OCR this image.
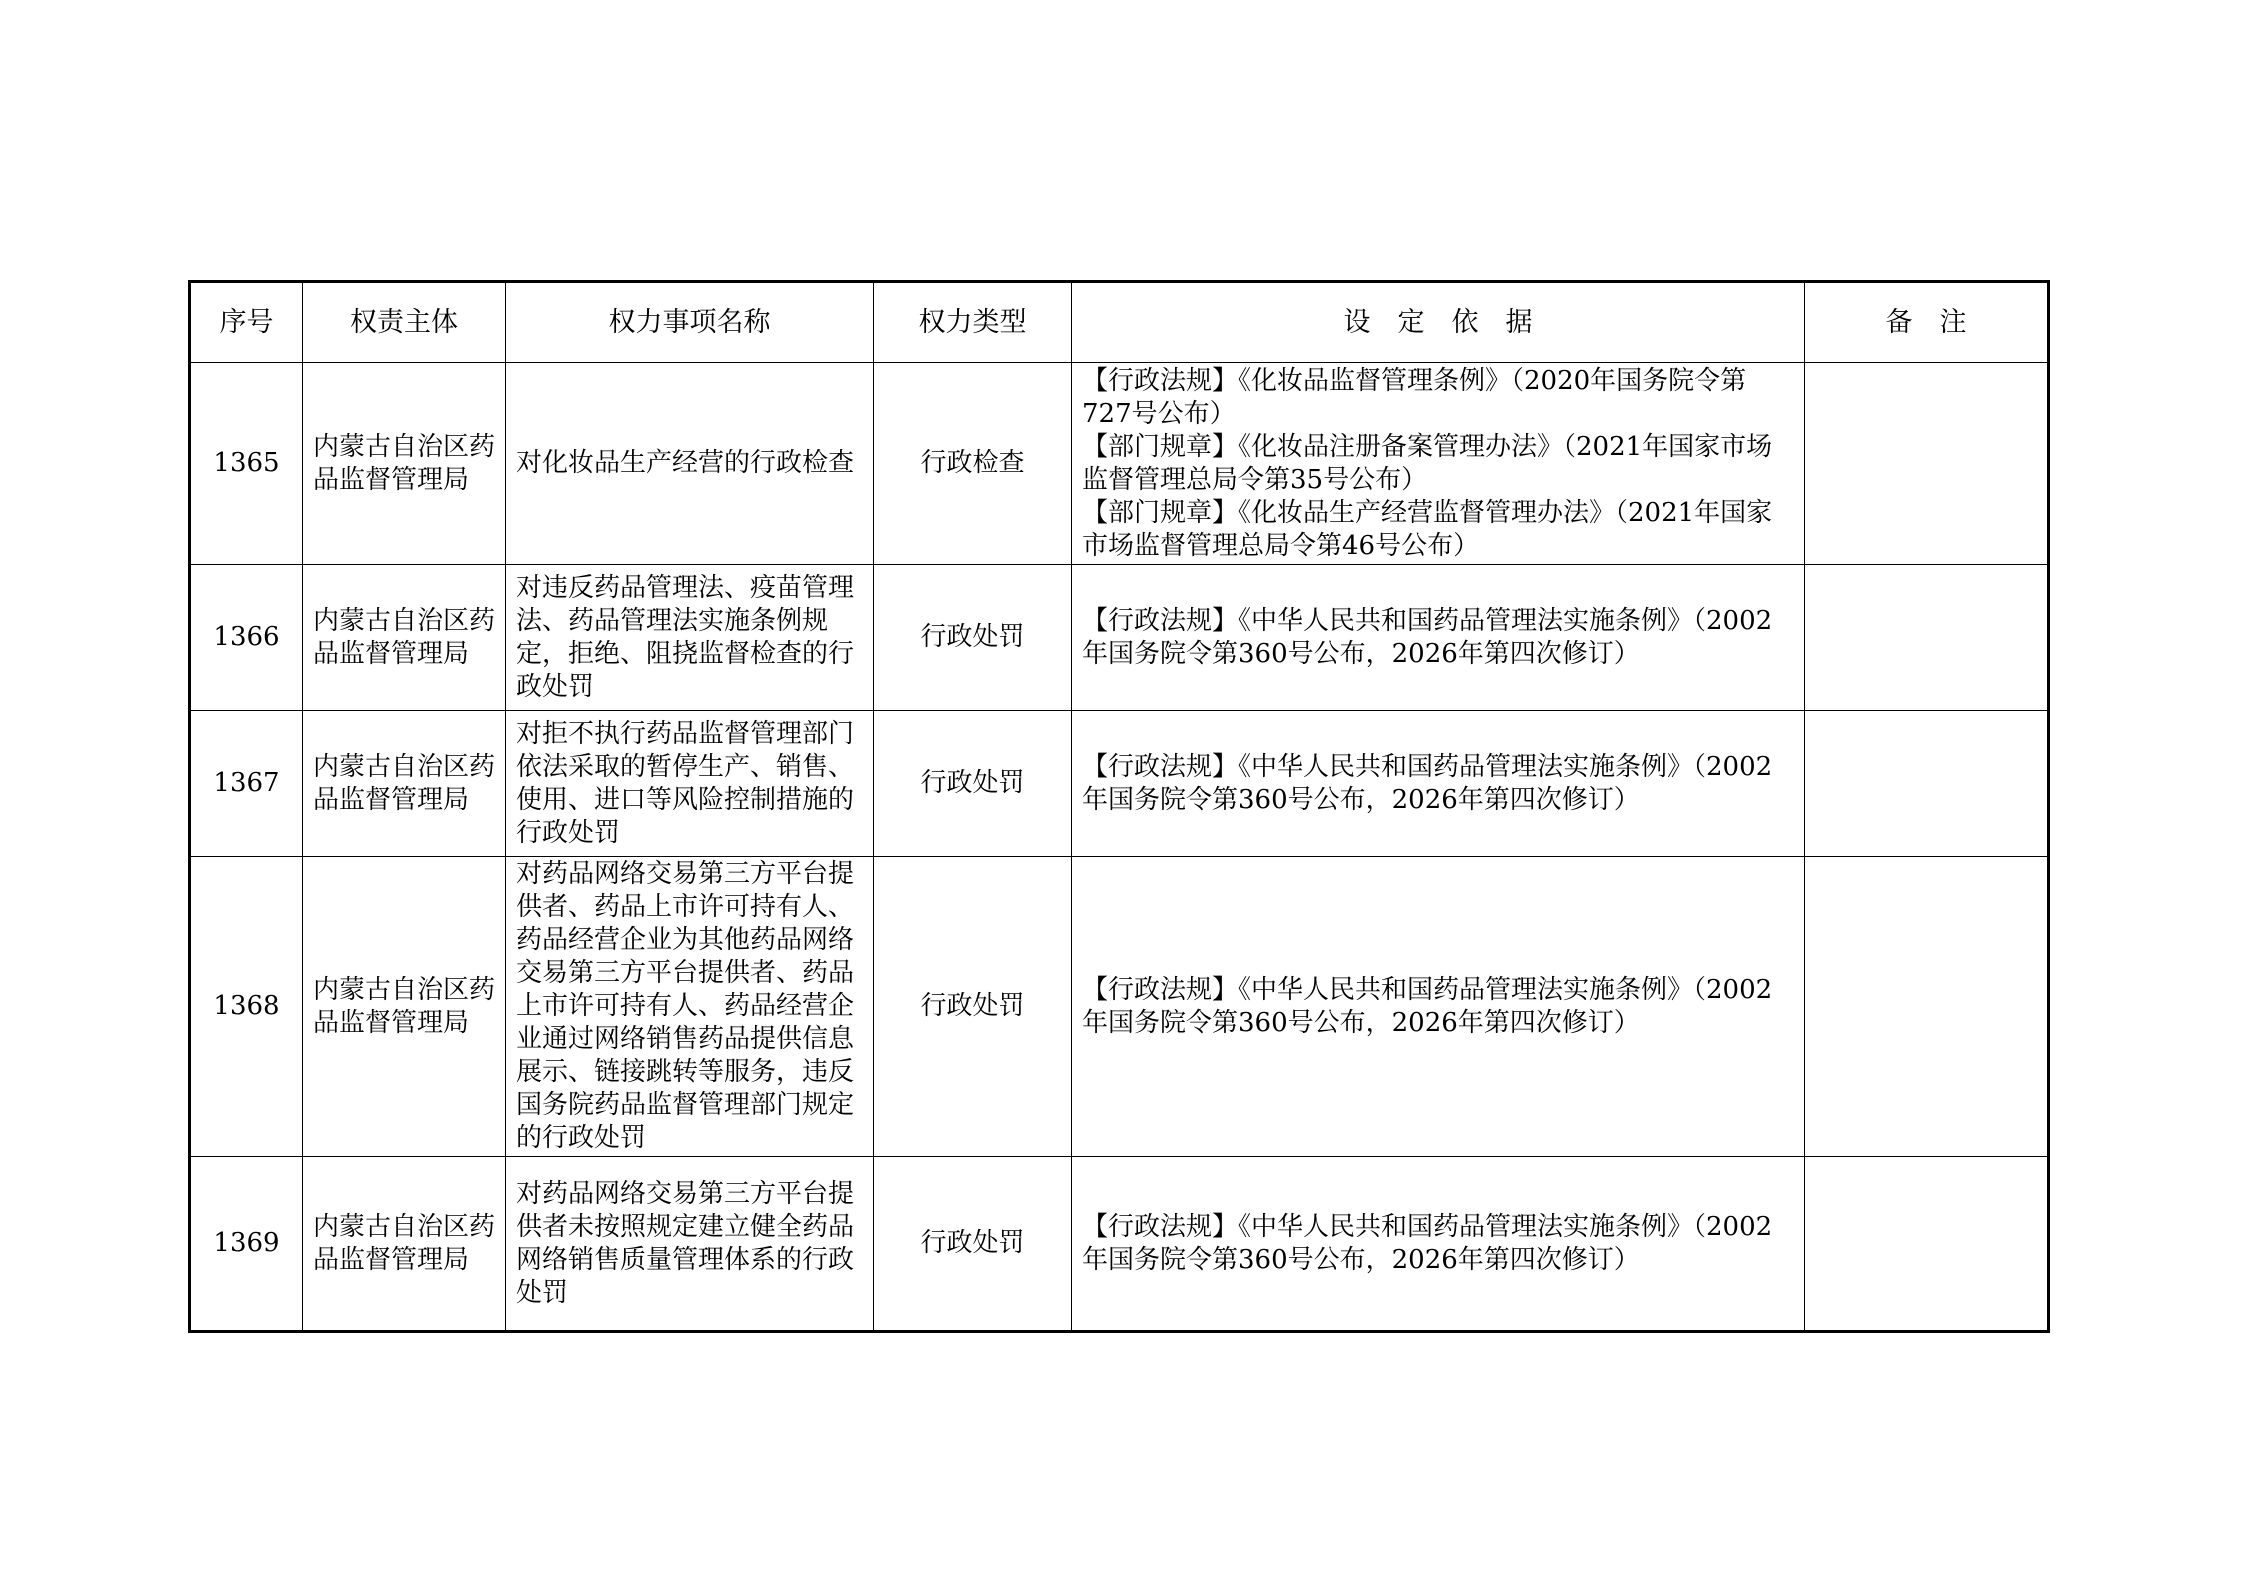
序号	权责主体	权力事项名称	权力类型	设　定　依　据	备　注
1365	内蒙古自治区药品监督管理局	对化妆品生产经营的行政检查	行政检查	【行政法规】《化妆品监督管理条例》（2020年国务院令第727号公布）
【部门规章】《化妆品注册备案管理办法》（2021年国家市场监督管理总局令第35号公布）
【部门规章】《化妆品生产经营监督管理办法》（2021年国家市场监督管理总局令第46号公布）	

1366	内蒙古自治区药品监督管理局	对违反药品管理法、疫苗管理法、药品管理法实施条例规定，拒绝、阻挠监督检查的行政处罚	行政处罚	【行政法规】《中华人民共和国药品管理法实施条例》（2002年国务院令第360号公布，2026年第四次修订）	

1367	内蒙古自治区药品监督管理局	对拒不执行药品监督管理部门依法采取的暂停生产、销售、使用、进口等风险控制措施的行政处罚	行政处罚	【行政法规】《中华人民共和国药品管理法实施条例》（2002年国务院令第360号公布，2026年第四次修订）	

1368	内蒙古自治区药品监督管理局	对药品网络交易第三方平台提供者、药品上市许可持有人、药品经营企业为其他药品网络交易第三方平台提供者、药品上市许可持有人、药品经营企业通过网络销售药品提供信息展示、链接跳转等服务，违反国务院药品监督管理部门规定的行政处罚	行政处罚	【行政法规】《中华人民共和国药品管理法实施条例》（2002年国务院令第360号公布，2026年第四次修订）	

1369	内蒙古自治区药品监督管理局	对药品网络交易第三方平台提供者未按照规定建立健全药品网络销售质量管理体系的行政处罚	行政处罚	【行政法规】《中华人民共和国药品管理法实施条例》（2002年国务院令第360号公布，2026年第四次修订）	
